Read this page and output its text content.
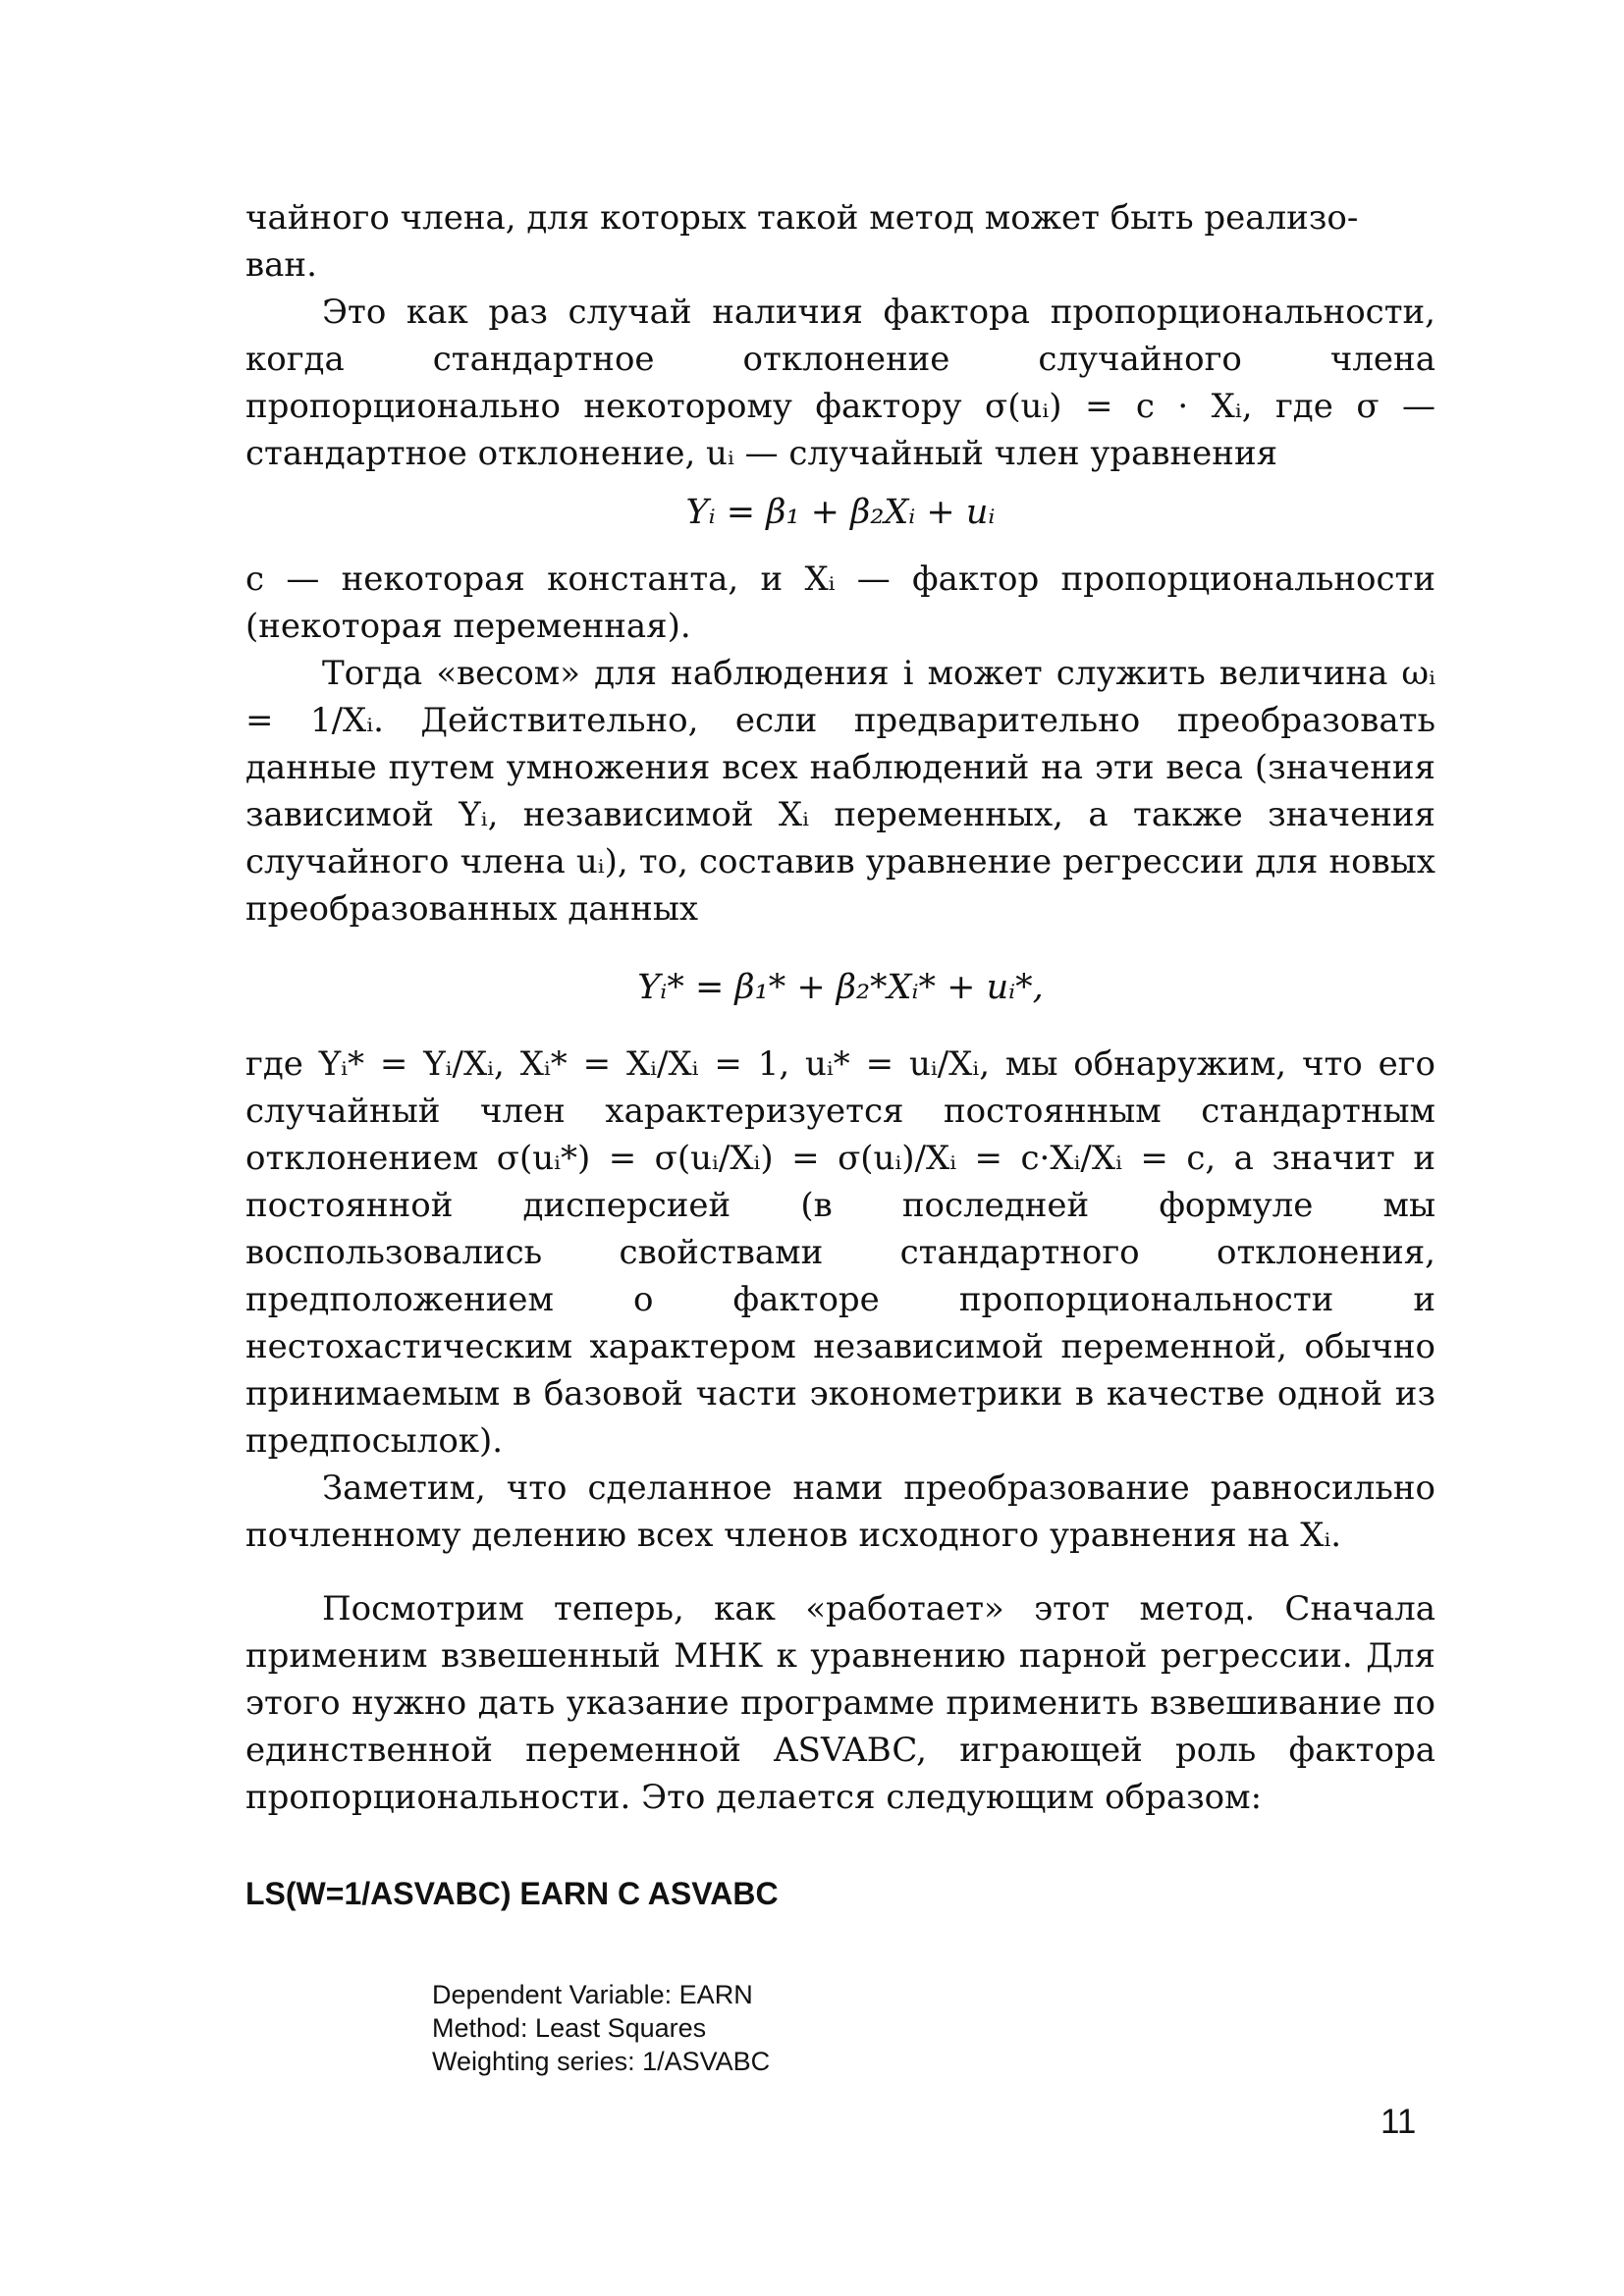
чайного члена, для которых такой метод может быть реализо-
ван.

Это как раз случай наличия фактора пропорциональности, когда стандартное отклонение случайного члена пропорционально некоторому фактору σ(uᵢ) = c · Xᵢ, где σ — стандартное отклонение, uᵢ — случайный член уравнения

Yᵢ = β₁ + β₂Xᵢ + uᵢ

c — некоторая константа, и Xᵢ — фактор пропорциональности (некоторая переменная).

Тогда «весом» для наблюдения i может служить величина ωᵢ = 1/Xᵢ. Действительно, если предварительно преобразовать данные путем умножения всех наблюдений на эти веса (значения зависимой Yᵢ, независимой Xᵢ переменных, а также значения случайного члена uᵢ), то, составив уравнение регрессии для новых преобразованных данных

Yᵢ* = β₁* + β₂*Xᵢ* + uᵢ*,

где Yᵢ* = Yᵢ/Xᵢ, Xᵢ* = Xᵢ/Xᵢ = 1, uᵢ* = uᵢ/Xᵢ, мы обнаружим, что его случайный член характеризуется постоянным стандартным отклонением σ(uᵢ*) = σ(uᵢ/Xᵢ) = σ(uᵢ)/Xᵢ = c·Xᵢ/Xᵢ = c, а значит и постоянной дисперсией (в последней формуле мы воспользовались свойствами стандартного отклонения, предположением о факторе пропорциональности и нестохастическим характером независимой переменной, обычно принимаемым в базовой части эконометрики в качестве одной из предпосылок).

Заметим, что сделанное нами преобразование равносильно почленному делению всех членов исходного уравнения на Xᵢ.

Посмотрим теперь, как «работает» этот метод. Сначала применим взвешенный МНК к уравнению парной регрессии. Для этого нужно дать указание программе применить взвешивание по единственной переменной ASVABC, играющей роль фактора пропорциональности. Это делается следующим образом:

LS(W=1/ASVABC) EARN C ASVABC
Dependent Variable: EARN
Method: Least Squares
Weighting series: 1/ASVABC
11
